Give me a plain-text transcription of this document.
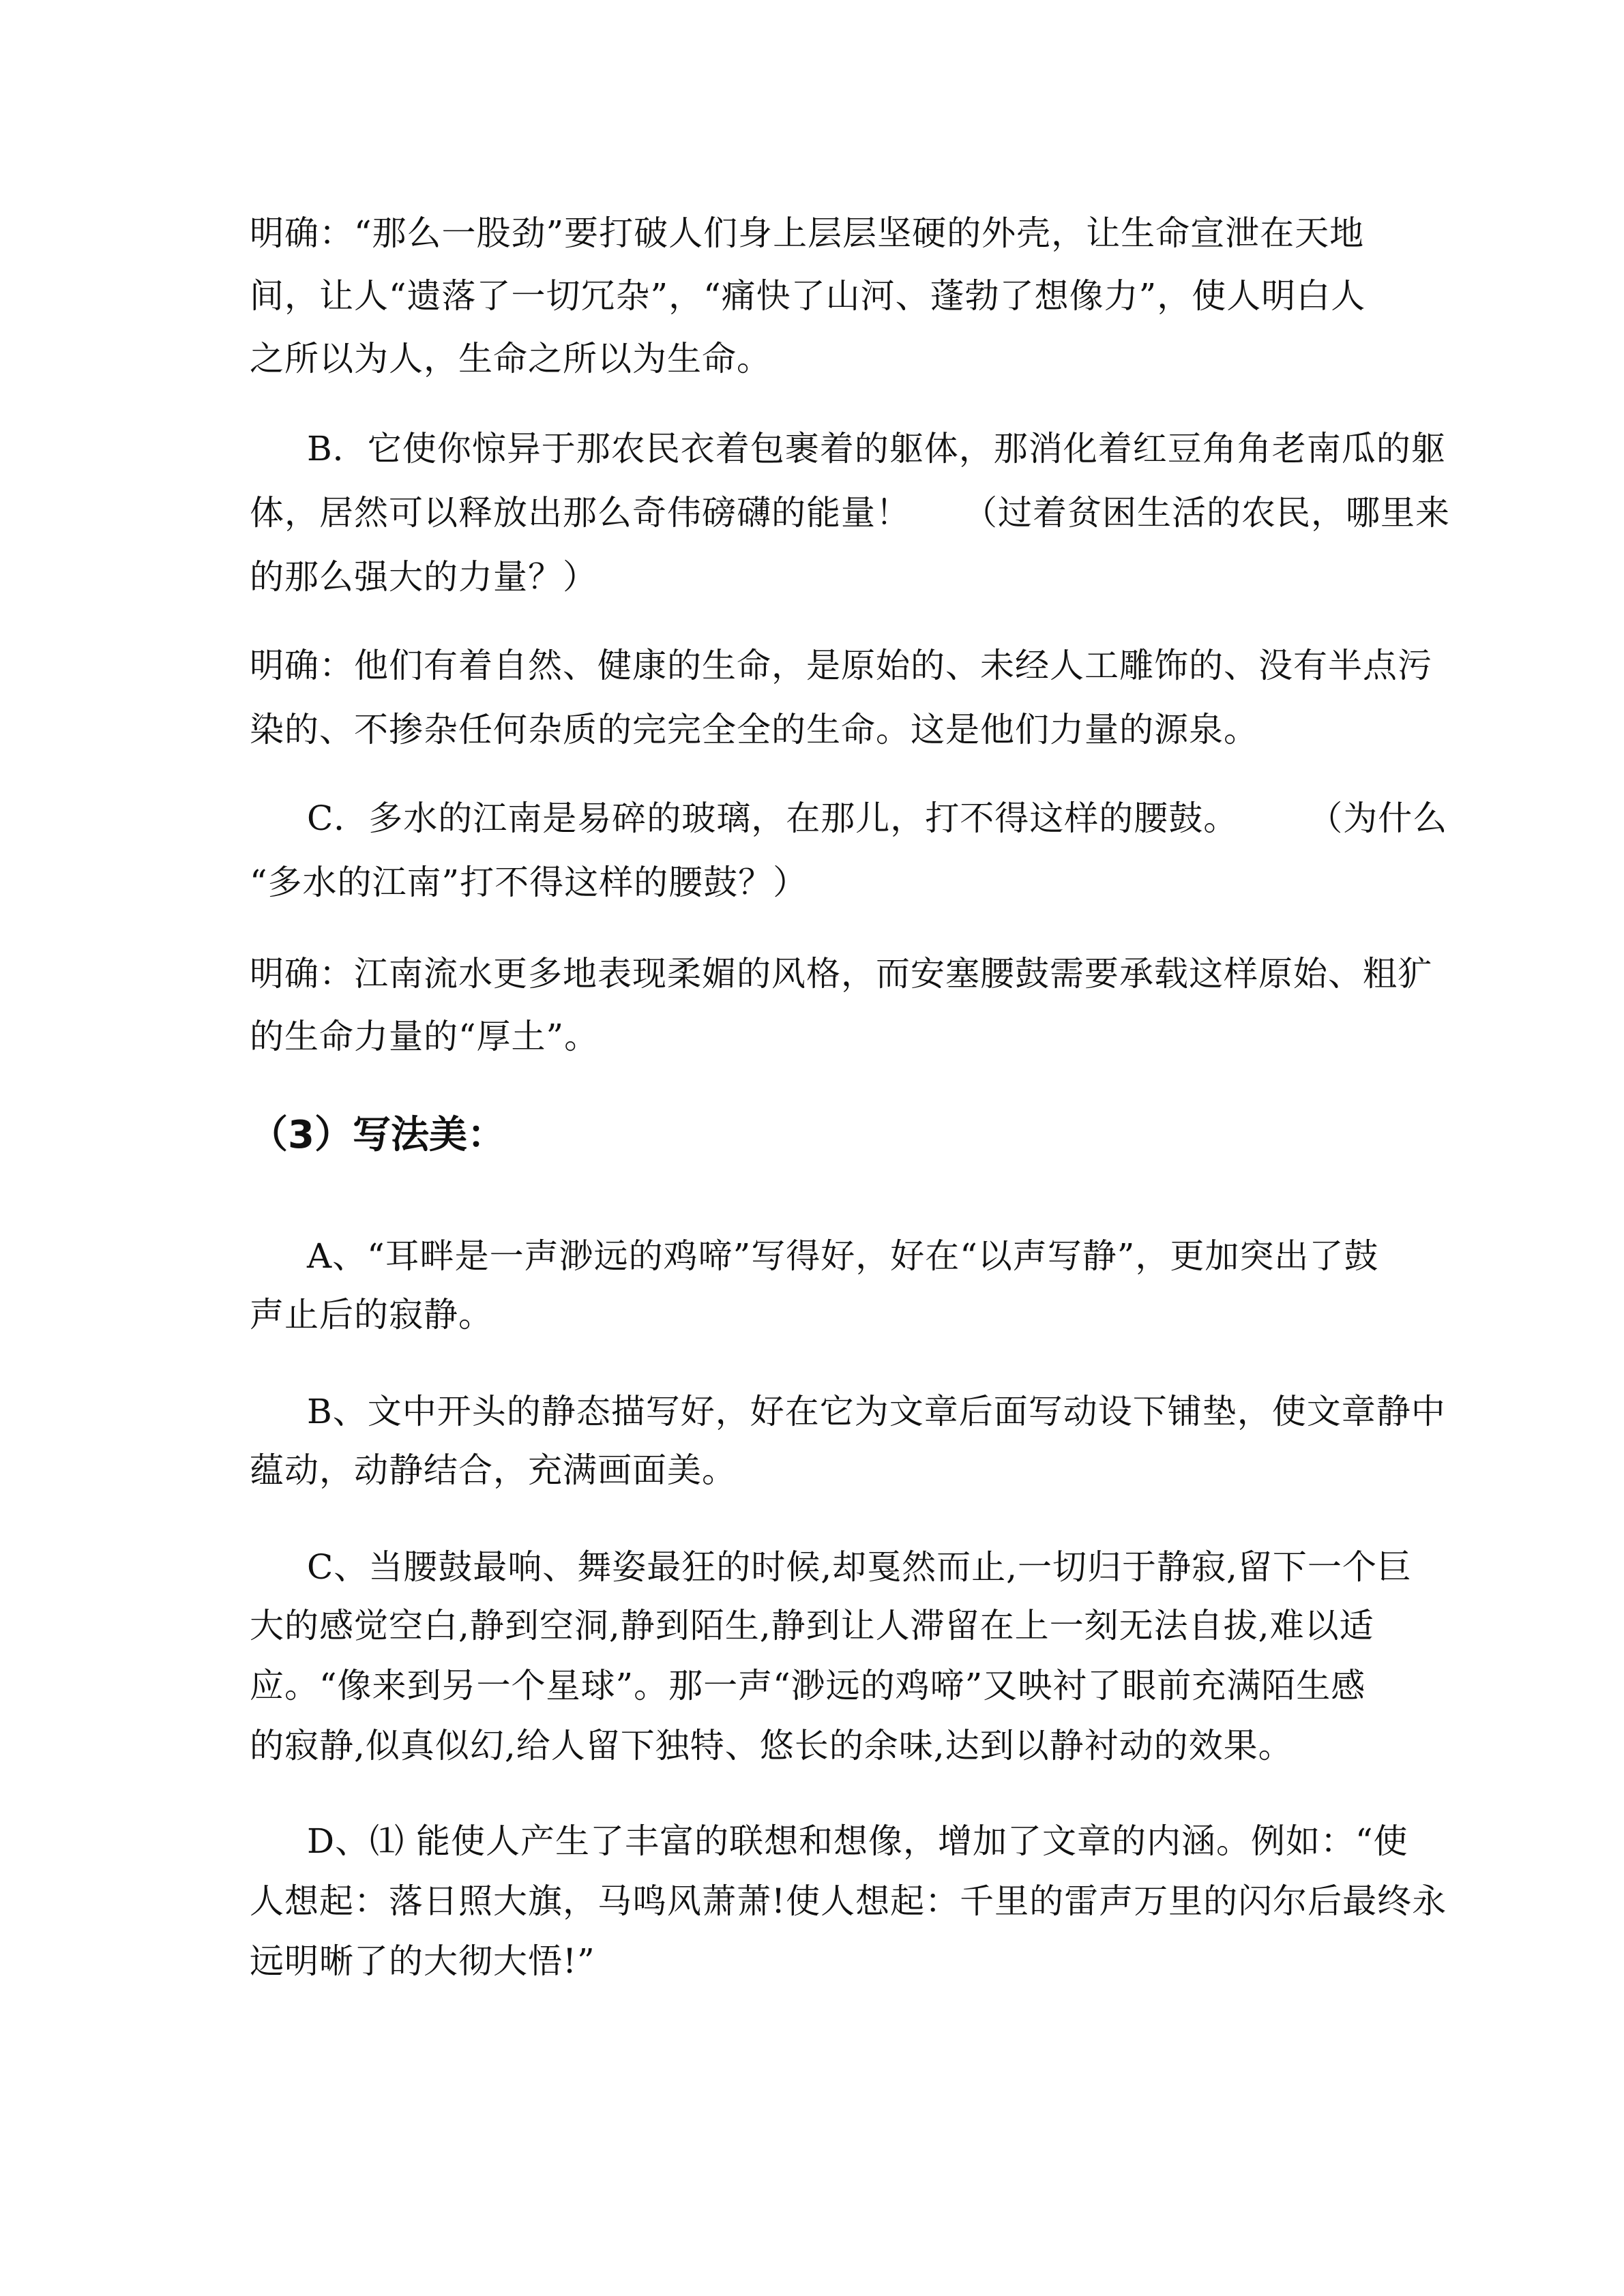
明确：“那么一股劲”要打破人们身上层层坚硬的外壳，让生命宣泄在天地
间，让人“遗落了一切冗杂”，“痛快了山河、蓬勃了想像力”，使人明白人
之所以为人，生命之所以为生命。
B．它使你惊异于那农民衣着包裹着的躯体，那消化着红豆角角老南瓜的躯
体，居然可以释放出那么奇伟磅礴的能量！　　（过着贫困生活的农民，哪里来
的那么强大的力量？）
明确：他们有着自然、健康的生命，是原始的、未经人工雕饰的、没有半点污
染的、不掺杂任何杂质的完完全全的生命。这是他们力量的源泉。
C．多水的江南是易碎的玻璃，在那儿，打不得这样的腰鼓。　　　（为什么
“多水的江南”打不得这样的腰鼓？）
明确：江南流水更多地表现柔媚的风格，而安塞腰鼓需要承载这样原始、粗犷
的生命力量的“厚土”。
（3）写法美：
A、“耳畔是一声渺远的鸡啼”写得好，好在“以声写静”，更加突出了鼓
声止后的寂静。
B、文中开头的静态描写好，好在它为文章后面写动设下铺垫，使文章静中
蕴动，动静结合，充满画面美。
C、当腰鼓最响、舞姿最狂的时候,却戛然而止,一切归于静寂,留下一个巨
大的感觉空白,静到空洞,静到陌生,静到让人滞留在上一刻无法自拔,难以适
应。“像来到另一个星球”。那一声“渺远的鸡啼”又映衬了眼前充满陌生感
的寂静,似真似幻,给人留下独特、悠长的余味,达到以静衬动的效果。
D、⑴ 能使人产生了丰富的联想和想像，增加了文章的内涵。例如：“使
人想起：落日照大旗，马鸣风萧萧!使人想起：千里的雷声万里的闪尔后最终永
远明晰了的大彻大悟!”
